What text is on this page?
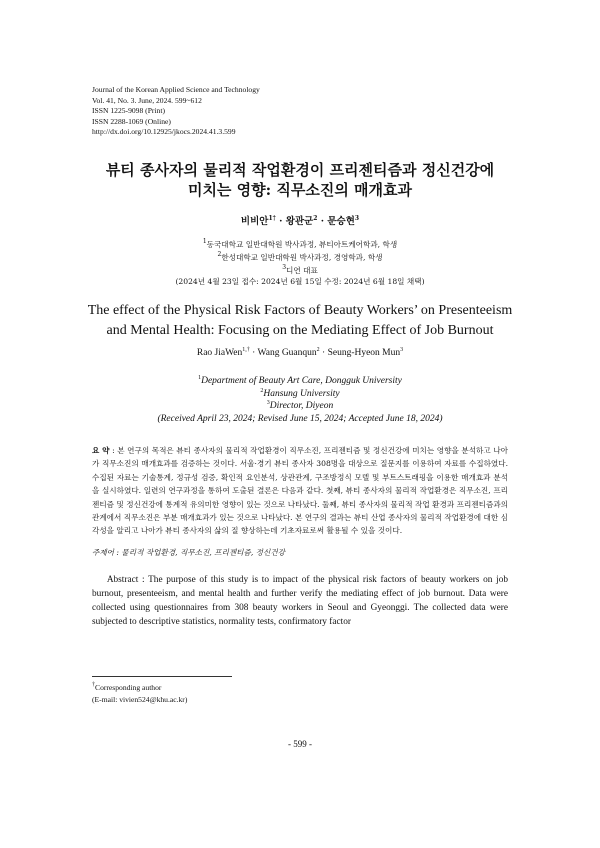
Journal of the Korean Applied Science and Technology
Vol. 41, No. 3. June, 2024. 599~612
ISSN 1225-9098 (Print)
ISSN 2288-1069 (Online)
http://dx.doi.org/10.12925/jkocs.2024.41.3.599
뷰티 종사자의 물리적 작업환경이 프리젠티즘과 정신건강에
미치는 영향: 직무소진의 매개효과
비비안$^{1\dagger}$ · 왕관군$^2$ · 문승현$^3$
$^1$동국대학교 일반대학원 박사과정, 뷰티아트케어학과, 학생
$^2$한성대학교 일반대학원 박사과정, 경영학과, 학생
$^3$디연 대표
(2024년 4월 23일 접수: 2024년 6월 15일 수정: 2024년 6월 18일 채택)
The effect of the Physical Risk Factors of Beauty Workers’ on Presenteeism
and Mental Health: Focusing on the Mediating Effect of Job Burnout
Rao JiaWen$^{1,\dagger}$ · Wang Guanqun$^2$ · Seung-Hyeon Mun$^3$
$^1$Department of Beauty Art Care, Dongguk University
$^2$Hansung University
$^3$Director, Diyeon
(Received April 23, 2024; Revised June 15, 2024; Accepted June 18, 2024)
요 약 : 본 연구의 목적은 뷰티 종사자의 물리적 작업환경이 직무소진, 프리젠티즘 및 정신건강에 미치는 영향을 분석하고 나아가 직무소진의 매개효과를 검증하는 것이다. 서울·경기 뷰티 종사자 308명을 대상으로 질문지를 이용하여 자료를 수집하였다. 수집된 자료는 기술통계, 정규성 검증, 확인적 요인분석, 상관관계, 구조방정식 모델 및 부트스트래핑을 이용한 매개효과 분석을 실시하였다. 일련의 연구과정을 통하여 도출된 결론은 다음과 같다. 첫째, 뷰티 종사자의 물리적 작업환경은 직무소진, 프리젠티즘 및 정신건강에 통계적 유의미한 영향이 있는 것으로 나타났다. 둘째, 뷰티 종사자의 물리적 작업 환경과 프리젠티즘과의 관계에서 직무소진은 부분 매개효과가 있는 것으로 나타났다. 본 연구의 결과는 뷰티 산업 종사자의 물리적 작업환경에 대한 심각성을 알리고 나아가 뷰티 종사자의 삶의 질 향상하는데 기초자료로써 활용될 수 있을 것이다.
주제어 : 물리적 작업환경, 직무소진, 프리젠티즘, 정신건강
Abstract : The purpose of this study is to impact of the physical risk factors of beauty workers on job burnout, presenteeism, and mental health and further verify the mediating effect of job burnout. Data were collected using questionnaires from 308 beauty workers in Seoul and Gyeonggi. The collected data were subjected to descriptive statistics, normality tests, confirmatory factor
†Corresponding author
(E-mail: vivien524@khu.ac.kr)
- 599 -
